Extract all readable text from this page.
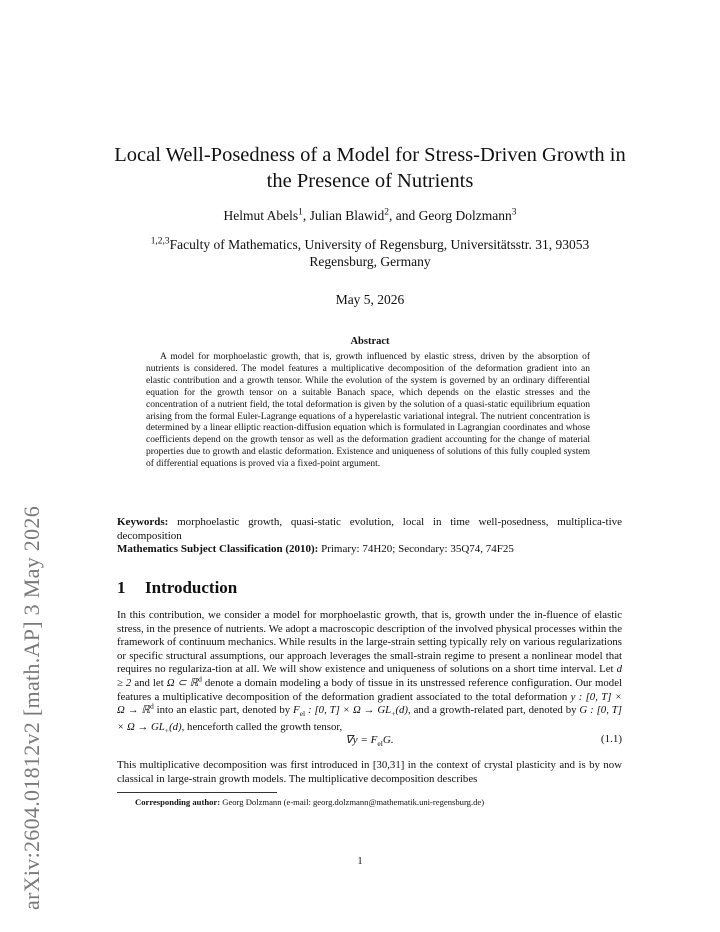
arXiv:2604.01812v2 [math.AP] 3 May 2026
Local Well-Posedness of a Model for Stress-Driven Growth in
the Presence of Nutrients
Helmut Abels$^1$, Julian Blawid$^2$, and Georg Dolzmann$^3$
$^{1,2,3}$Faculty of Mathematics, University of Regensburg, Universitätsstr. 31, 93053
Regensburg, Germany
May 5, 2026
Abstract
A model for morphoelastic growth, that is, growth influenced by elastic stress, driven by the absorption of nutrients is considered. The model features a multiplicative decomposition of the deformation gradient into an elastic contribution and a growth tensor. While the evolution of the system is governed by an ordinary differential equation for the growth tensor on a suitable Banach space, which depends on the elastic stresses and the concentration of a nutrient field, the total deformation is given by the solution of a quasi-static equilibrium equation arising from the formal Euler-Lagrange equations of a hyperelastic variational integral. The nutrient concentration is determined by a linear elliptic reaction-diffusion equation which is formulated in Lagrangian coordinates and whose coefficients depend on the growth tensor as well as the deformation gradient accounting for the change of material properties due to growth and elastic deformation. Existence and uniqueness of solutions of this fully coupled system of differential equations is proved via a fixed-point argument.
Keywords: morphoelastic growth, quasi-static evolution, local in time well-posedness, multiplica-tive decomposition
Mathematics Subject Classification (2010): Primary: 74H20; Secondary: 35Q74, 74F25
1 Introduction
In this contribution, we consider a model for morphoelastic growth, that is, growth under the in-fluence of elastic stress, in the presence of nutrients. We adopt a macroscopic description of the involved physical processes within the framework of continuum mechanics. While results in the large-strain setting typically rely on various regularizations or specific structural assumptions, our approach leverages the small-strain regime to present a nonlinear model that requires no regulariza-tion at all. We will show existence and uniqueness of solutions on a short time interval. Let d ≥ 2 and let Ω ⊂ ℝ$^d$ denote a domain modeling a body of tissue in its unstressed reference configuration. Our model features a multiplicative decomposition of the deformation gradient associated to the total deformation y : [0, T] × Ω → ℝ$^d$ into an elastic part, denoted by $F_{el}$ : [0, $T] \times \Omega \to GL_+(d)$, and a growth-related part, denoted by G : [0, $T] \times \Omega \to GL_+(d)$, henceforth called the growth tensor,
$\nabla y = F_{el}G$.	(1.1)
This multiplicative decomposition was first introduced in [30,31] in the context of crystal plasticity and is by now classical in large-strain growth models. The multiplicative decomposition describes
Corresponding author: Georg Dolzmann (e-mail: georg.dolzmann@mathematik.uni-regensburg.de)
1
